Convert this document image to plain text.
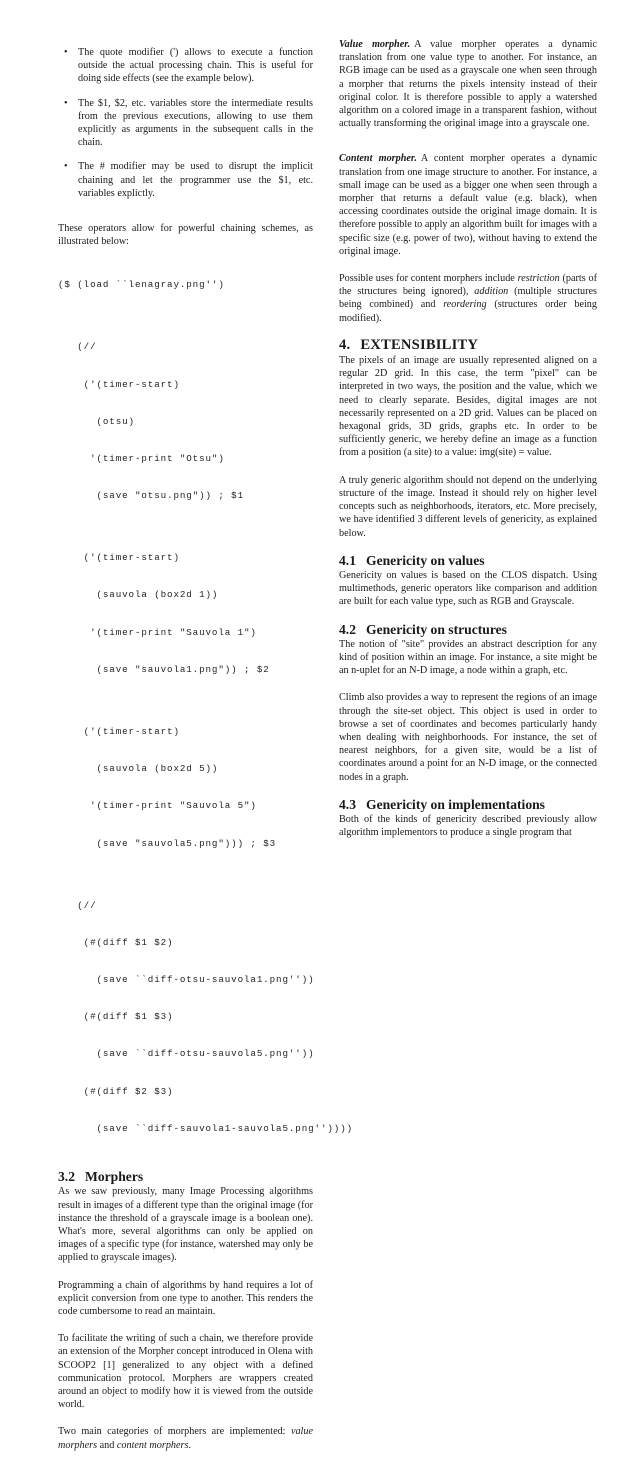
• The quote modifier (') allows to execute a function outside the actual processing chain. This is useful for doing side effects (see the example below).
• The $1, $2, etc. variables store the intermediate results from the previous executions, allowing to use them explicitly as arguments in the subsequent calls in the chain.
• The # modifier may be used to disrupt the implicit chaining and let the programmer use the $1, etc. variables explictly.

These operators allow for powerful chaining schemes, as illustrated below:

($ (load ``lenagray.png'')

(//

('(timer-start)

(otsu)

'(timer-print "Otsu")

(save "otsu.png")) ; $1

('(timer-start)

(sauvola (box2d 1))

'(timer-print "Sauvola 1")

(save "sauvola1.png")) ; $2

('(timer-start)

(sauvola (box2d 5))

'(timer-print "Sauvola 5")

(save "sauvola5.png"))) ; $3

(//

(#(diff $1 $2)

(save ``diff-otsu-sauvola1.png''))

(#(diff $1 $3)

(save ``diff-otsu-sauvola5.png''))

(#(diff $2 $3)

(save ``diff-sauvola1-sauvola5.png''))))

3.2 Morphers

As we saw previously, many Image Processing algorithms result in images of a different type than the original image (for instance the threshold of a grayscale image is a boolean one). What's more, several algorithms can only be applied on images of a specific type (for instance, watershed may only be applied to grayscale images).

Programming a chain of algorithms by hand requires a lot of explicit conversion from one type to another. This renders the code cumbersome to read an maintain.

To facilitate the writing of such a chain, we therefore provide an extension of the Morpher concept introduced in Olena with SCOOP2 [1] generalized to any object with a defined communication protocol. Morphers are wrappers created around an object to modify how it is viewed from the outside world.

Two main categories of morphers are implemented: value morphers and content morphers.

Value morpher. A value morpher operates a dynamic translation from one value type to another. For instance, an RGB image can be used as a grayscale one when seen through a morpher that returns the pixels intensity instead of their original color. It is therefore possible to apply a watershed algorithm on a colored image in a transparent fashion, without actually transforming the original image into a grayscale one.

Content morpher. A content morpher operates a dynamic translation from one image structure to another. For instance, a small image can be used as a bigger one when seen through a morpher that returns a default value (e.g. black), when accessing coordinates outside the original image domain. It is therefore possible to apply an algorithm built for images with a specific size (e.g. power of two), without having to extend the original image.

Possible uses for content morphers include restriction (parts of the structures being ignored), addition (multiple structures being combined) and reordering (structures order being modified).

4. EXTENSIBILITY

The pixels of an image are usually represented aligned on a regular 2D grid. In this case, the term "pixel" can be interpreted in two ways, the position and the value, which we need to clearly separate. Besides, digital images are not necessarily represented on a 2D grid. Values can be placed on hexagonal grids, 3D grids, graphs etc. In order to be sufficiently generic, we hereby define an image as a function from a position (a site) to a value: img(site) = value.

A truly generic algorithm should not depend on the underlying structure of the image. Instead it should rely on higher level concepts such as neighborhoods, iterators, etc. More precisely, we have identified 3 different levels of genericity, as explained below.

4.1 Genericity on values

Genericity on values is based on the CLOS dispatch. Using multimethods, generic operators like comparison and addition are built for each value type, such as RGB and Grayscale.

4.2 Genericity on structures

The notion of "site" provides an abstract description for any kind of position within an image. For instance, a site might be an n-uplet for an N-D image, a node within a graph, etc.

Climb also provides a way to represent the regions of an image through the site-set object. This object is used in order to browse a set of coordinates and becomes particularly handy when dealing with neighborhoods. For instance, the set of nearest neighbors, for a given site, would be a list of coordinates around a point for an N-D image, or the connected nodes in a graph.

4.3 Genericity on implementations

Both of the kinds of genericity described previously allow algorithm implementors to produce a single program that
